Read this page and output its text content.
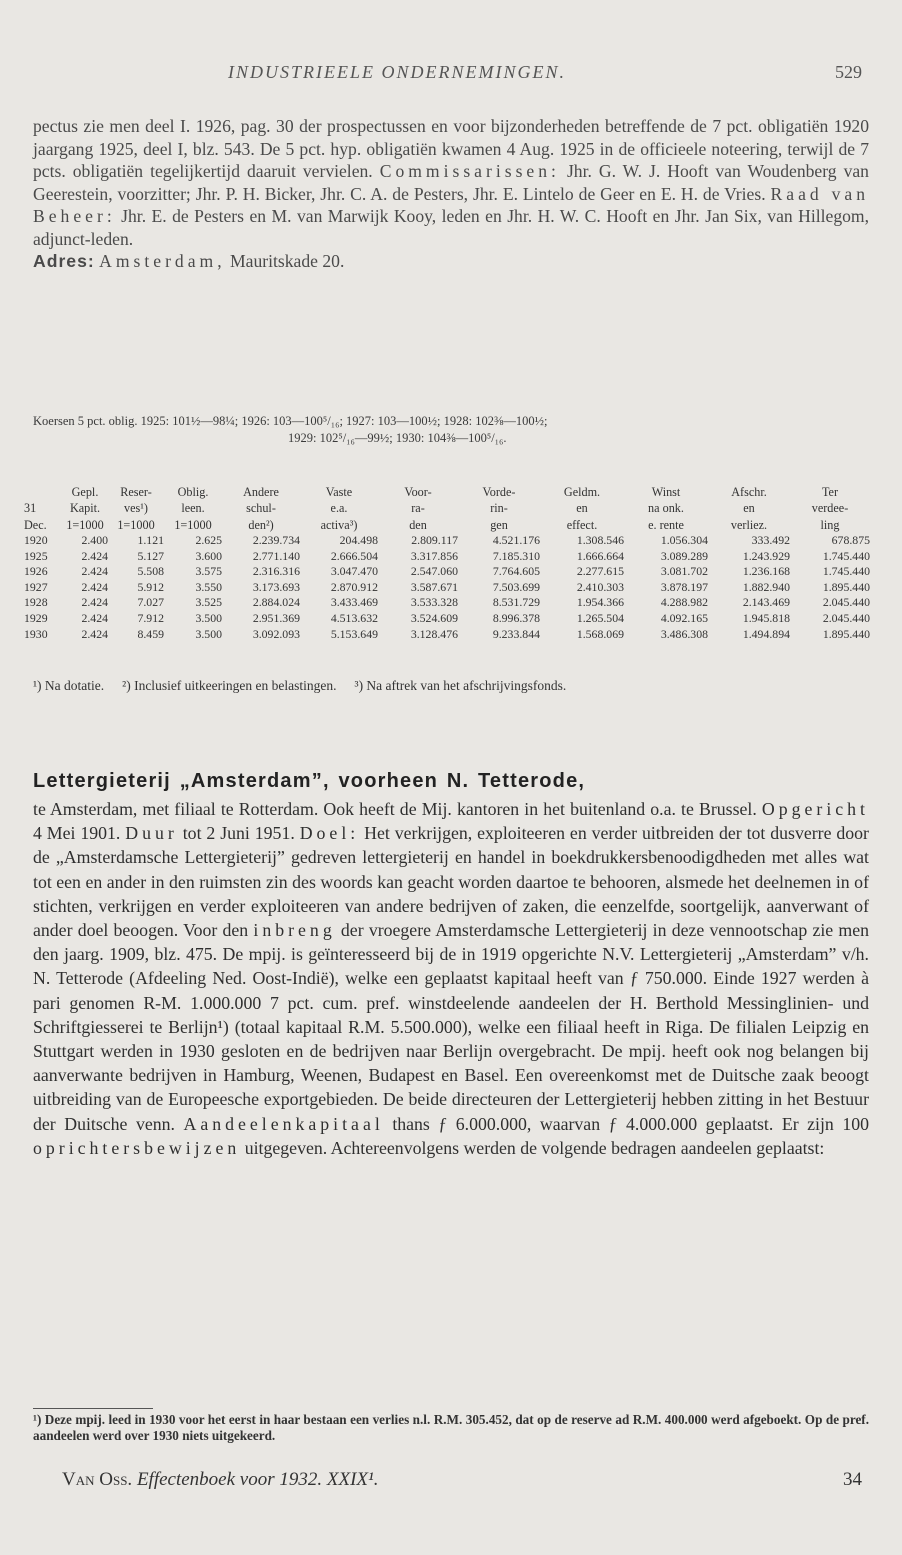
INDUSTRIEELE ONDERNEMINGEN.	529
pectus zie men deel I. 1926, pag. 30 der prospectussen en voor bijzonderheden betreffende de 7 pct. obligatiën 1920 jaargang 1925, deel I, blz. 543. De 5 pct. hyp. obligatiën kwamen 4 Aug. 1925 in de officieele noteering, terwijl de 7 pcts. obligatiën tegelijkertijd daaruit vervielen. Commissarissen: Jhr. G. W. J. Hooft van Woudenberg van Geerestein, voorzitter; Jhr. P. H. Bicker, Jhr. C. A. de Pesters, Jhr. E. Lintelo de Geer en E. H. de Vries. Raad van Beheer: Jhr. E. de Pesters en M. van Marwijk Kooy, leden en Jhr. H. W. C. Hooft en Jhr. Jan Six, van Hillegom, adjunct-leden.
Adres: Amsterdam, Mauritskade 20.
Koersen 5 pct. oblig. 1925: 101½—98¼; 1926: 103—100⁵/₁₆; 1927: 103—100½; 1928: 102⅜—100½;
1929: 102⁵/₁₆—99½; 1930: 104⅜—100⁵/₁₆.
	Gepl.	Reser-	Oblig.	Andere	Vaste	Voor-	Vorde-	Geldm.	Winst	Afschr.	Ter
31	Kapit.	ves¹)	leen.	schul-	e.a.	ra-	rin-	en	na onk.	en	verdee-
Dec.	1=1000	1=1000	1=1000	den²)	activa³)	den	gen	effect.	e. rente	verliez.	ling
1920	2.400	1.121	2.625	2.239.734	204.498	2.809.117	4.521.176	1.308.546	1.056.304	333.492	678.875
1925	2.424	5.127	3.600	2.771.140	2.666.504	3.317.856	7.185.310	1.666.664	3.089.289	1.243.929	1.745.440
1926	2.424	5.508	3.575	2.316.316	3.047.470	2.547.060	7.764.605	2.277.615	3.081.702	1.236.168	1.745.440
1927	2.424	5.912	3.550	3.173.693	2.870.912	3.587.671	7.503.699	2.410.303	3.878.197	1.882.940	1.895.440
1928	2.424	7.027	3.525	2.884.024	3.433.469	3.533.328	8.531.729	1.954.366	4.288.982	2.143.469	2.045.440
1929	2.424	7.912	3.500	2.951.369	4.513.632	3.524.609	8.996.378	1.265.504	4.092.165	1.945.818	2.045.440
1930	2.424	8.459	3.500	3.092.093	5.153.649	3.128.476	9.233.844	1.568.069	3.486.308	1.494.894	1.895.440
¹) Na dotatie. ²) Inclusief uitkeeringen en belastingen. ³) Na aftrek van het afschrijvingsfonds.
Lettergieterij „Amsterdam”, voorheen N. Tetterode,
te Amsterdam, met filiaal te Rotterdam. Ook heeft de Mij. kantoren in het buitenland o.a. te Brussel. Opgericht 4 Mei 1901. Duur tot 2 Juni 1951. Doel: Het verkrijgen, exploiteeren en verder uitbreiden der tot dusverre door de „Amsterdamsche Lettergieterij” gedreven lettergieterij en handel in boekdrukkersbenoodigdheden met alles wat tot een en ander in den ruimsten zin des woords kan geacht worden daartoe te behooren, alsmede het deelnemen in of stichten, verkrijgen en verder exploiteeren van andere bedrijven of zaken, die eenzelfde, soortgelijk, aanverwant of ander doel beoogen. Voor den inbreng der vroegere Amsterdamsche Lettergieterij in deze vennootschap zie men den jaarg. 1909, blz. 475. De mpij. is geïnteresseerd bij de in 1919 opgerichte N.V. Lettergieterij „Amsterdam” v/h. N. Tetterode (Afdeeling Ned. Oost-Indië), welke een geplaatst kapitaal heeft van ƒ 750.000. Einde 1927 werden à pari genomen R-M. 1.000.000 7 pct. cum. pref. winstdeelende aandeelen der H. Berthold Messinglinien- und Schriftgiesserei te Berlijn¹) (totaal kapitaal R.M. 5.500.000), welke een filiaal heeft in Riga. De filialen Leipzig en Stuttgart werden in 1930 gesloten en de bedrijven naar Berlijn overgebracht. De mpij. heeft ook nog belangen bij aanverwante bedrijven in Hamburg, Weenen, Budapest en Basel. Een overeenkomst met de Duitsche zaak beoogt uitbreiding van de Europeesche exportgebieden. De beide directeuren der Lettergieterij hebben zitting in het Bestuur der Duitsche venn. Aandeelenkapitaal thans ƒ 6.000.000, waarvan ƒ 4.000.000 geplaatst. Er zijn 100 oprichtersbewijzen uitgegeven. Achtereenvolgens werden de volgende bedragen aandeelen geplaatst:
¹) Deze mpij. leed in 1930 voor het eerst in haar bestaan een verlies n.l. R.M. 305.452, dat op de reserve ad R.M. 400.000 werd afgeboekt. Op de pref. aandeelen werd over 1930 niets uitgekeerd.
Van Oss. Effectenboek voor 1932. XXIX¹.	34
